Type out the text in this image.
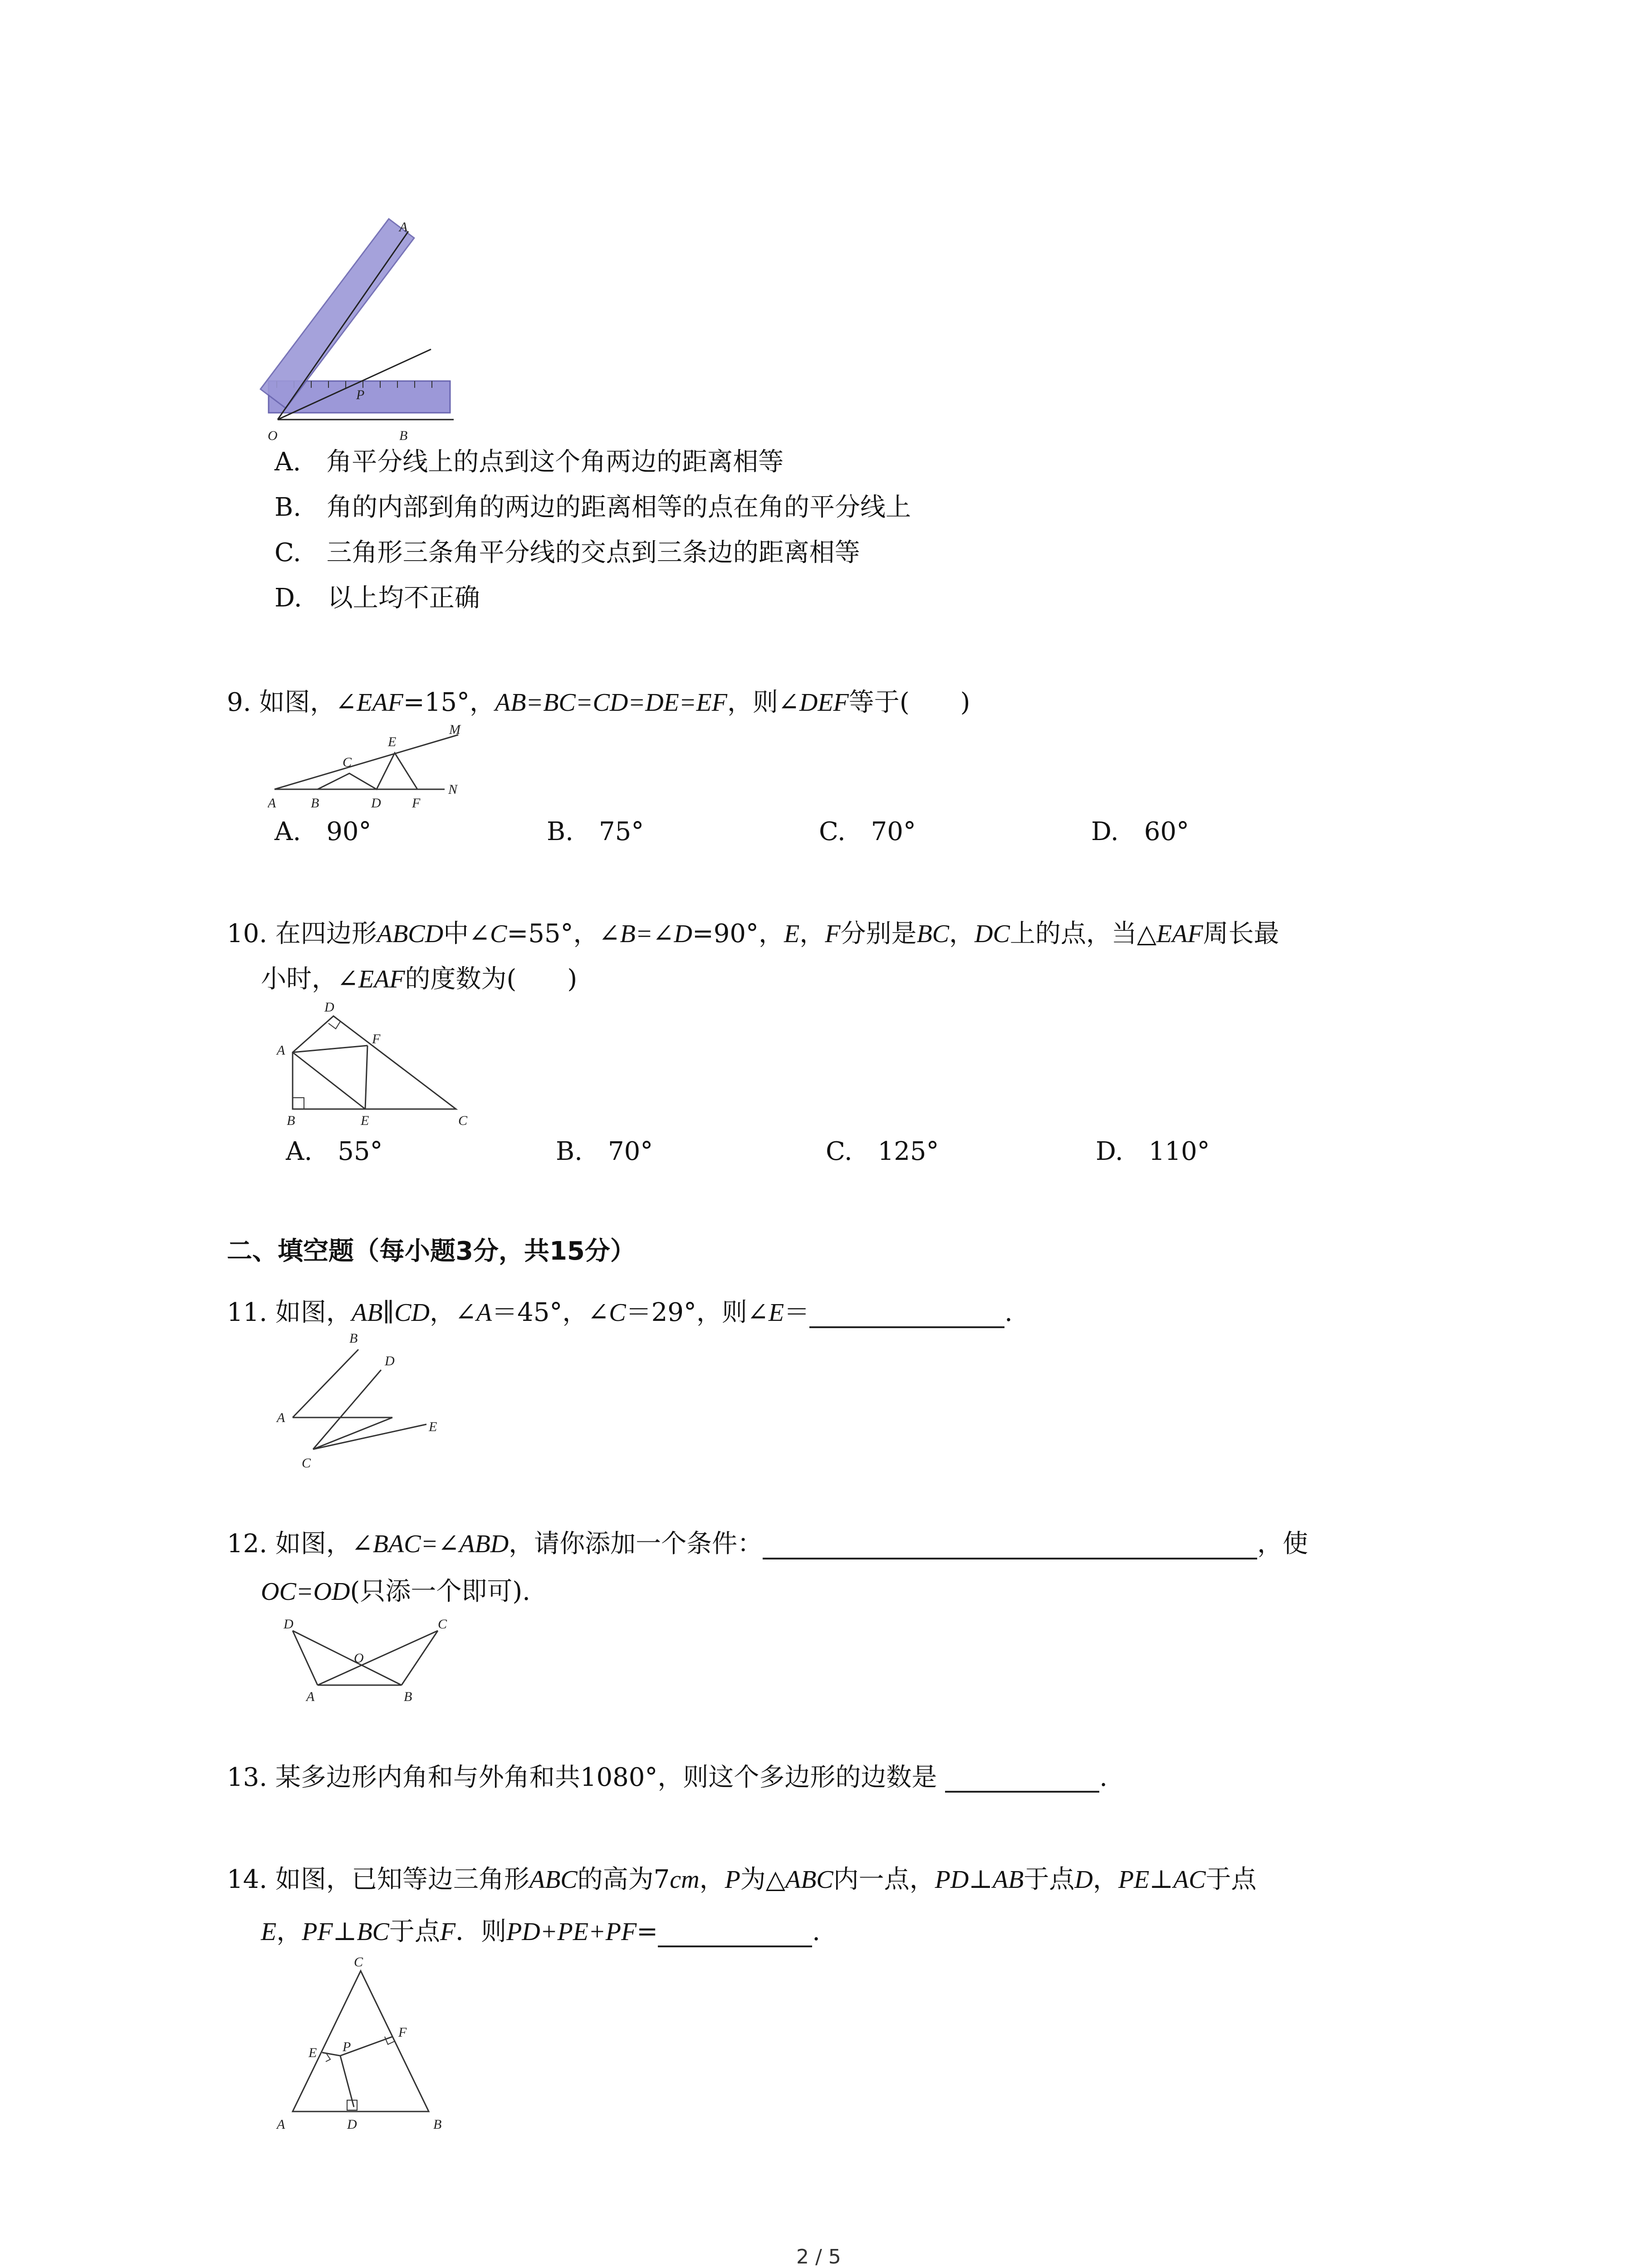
O	B
A
P
A.　 角平分线上的点到这个角两边的距离相等
B.　 角的内部到角的两边的距离相等的点在角的平分线上
C.　 三角形三条角平分线的交点到三条边的距离相等
D.　 以上均不正确
9. 如图，∠EAF=15°，AB=BC=CD=DE=EF，则∠DEF等于(　　)
A	B
C
D
E
F
M
N
A.　 90°	B.　 75°	C.　 70°	D.　 60°
10. 在四边形ABCD中∠C=55°，∠B=∠D=90°，E，F分别是BC，DC上的点，当△EAF周长最
小时，∠EAF的度数为(　　)
A
B	C
D
E
F
A.　 55°	B.　 70°	C.　 125°	D.　 110°
二、填空题（每小题3分，共15分）
11. 如图，AB∥CD，∠A＝45°，∠C＝29°，则∠E＝	.
A
B
C
D
E
12. 如图，∠BAC=∠ABD，请你添加一个条件：	，使
OC=OD(只添一个即可).
D	C
O
A	B
13. 某多边形内角和与外角和共1080°，则这个多边形的边数是	.
14. 如图，已知等边三角形ABC的高为7cm，P为△ABC内一点，PD⊥AB于点D，PE⊥AC于点
E，PF⊥BC于点F．则PD+PE+PF=	.
A	B
C
D
E
F
P
2 / 5
